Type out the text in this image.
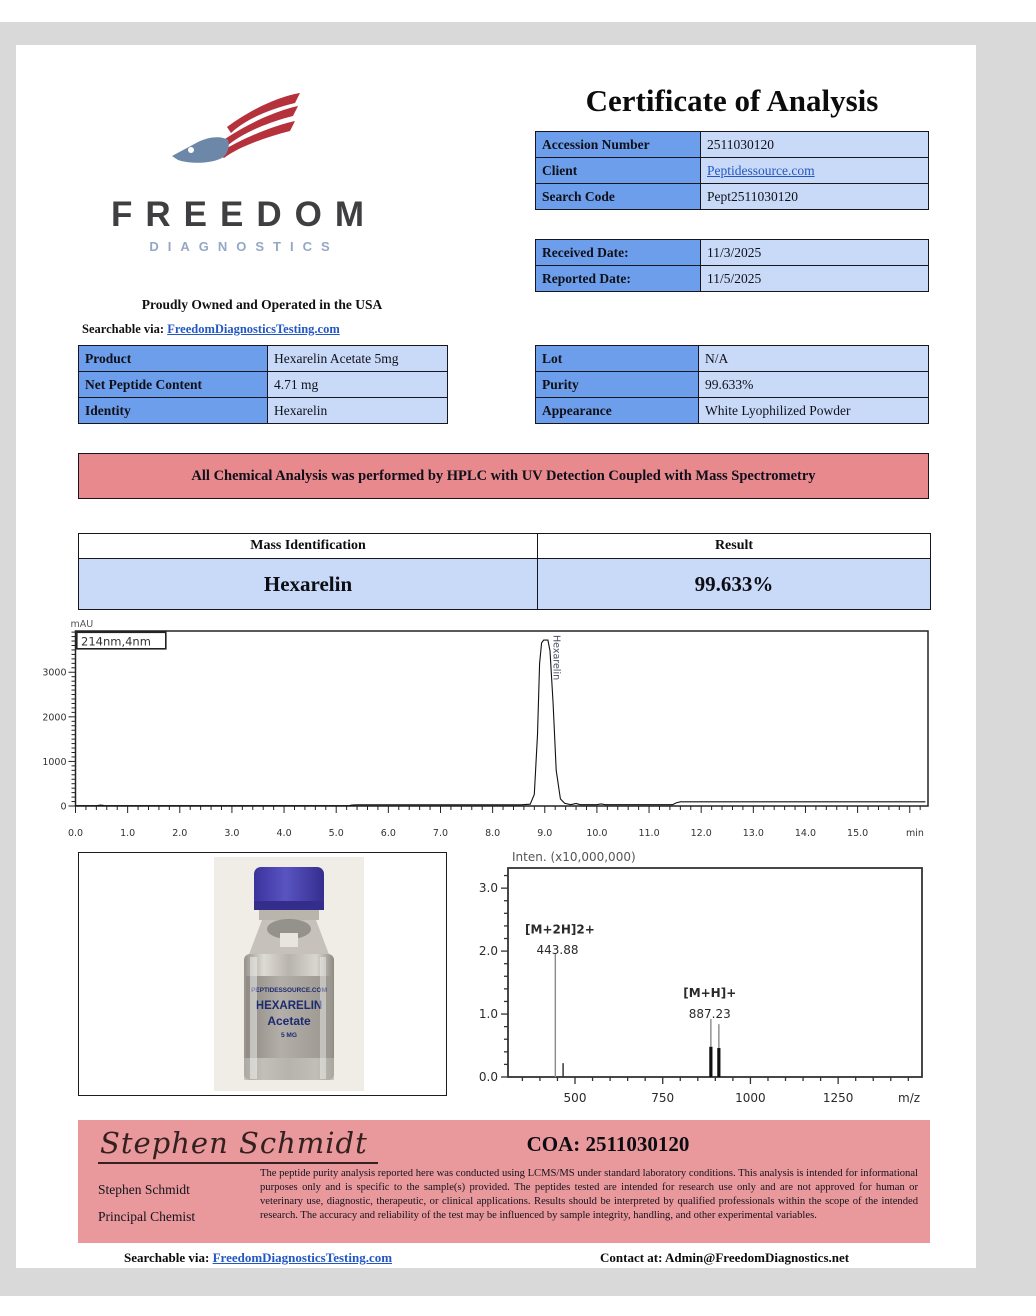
FREEDOM
DIAGNOSTICS
Proudly Owned and Operated in the USA
Searchable via: FreedomDiagnosticsTesting.com
Certificate of Analysis
Accession Number	2511030120
Client	Peptidessource.com
Search Code	Pept2511030120
Received Date:	11/3/2025
Reported Date:	11/5/2025
Product	Hexarelin Acetate 5mg
Net Peptide Content	4.71 mg
Identity	Hexarelin
Lot	N/A
Purity	99.633%
Appearance	White Lyophilized Powder
All Chemical Analysis was performed by HPLC with UV Detection Coupled with Mass Spectrometry
Mass Identification	Result
Hexarelin	99.633%
0.0	1.0	2.0	3.0	4.0	5.0	6.0	7.0	8.0	9.0	10.0	11.0	12.0	13.0	14.0	15.0	min
0
1000
2000
3000
mAU
214nm,4nm	Hexarelin
PEPTIDESSOURCE.COM
HEXARELIN
Acetate
5 MG
500	750	1000	1250	m/z
0.0
1.0
2.0
3.0
Inten. (x10,000,000)
[M+2H]2+
443.88
[M+H]+
887.23
Stephen Schmidt	COA: 2511030120
Stephen Schmidt
Principal Chemist
The peptide purity analysis reported here was conducted using LCMS/MS under standard laboratory conditions. This analysis is intended for informational purposes only and is specific to the sample(s) provided. The peptides tested are intended for research use only and are not approved for human or veterinary use, diagnostic, therapeutic, or clinical applications. Results should be interpreted by qualified professionals within the scope of the intended research. The accuracy and reliability of the test may be influenced by sample integrity, handling, and other experimental variables.
Searchable via: FreedomDiagnosticsTesting.com	Contact at: Admin@FreedomDiagnostics.net
